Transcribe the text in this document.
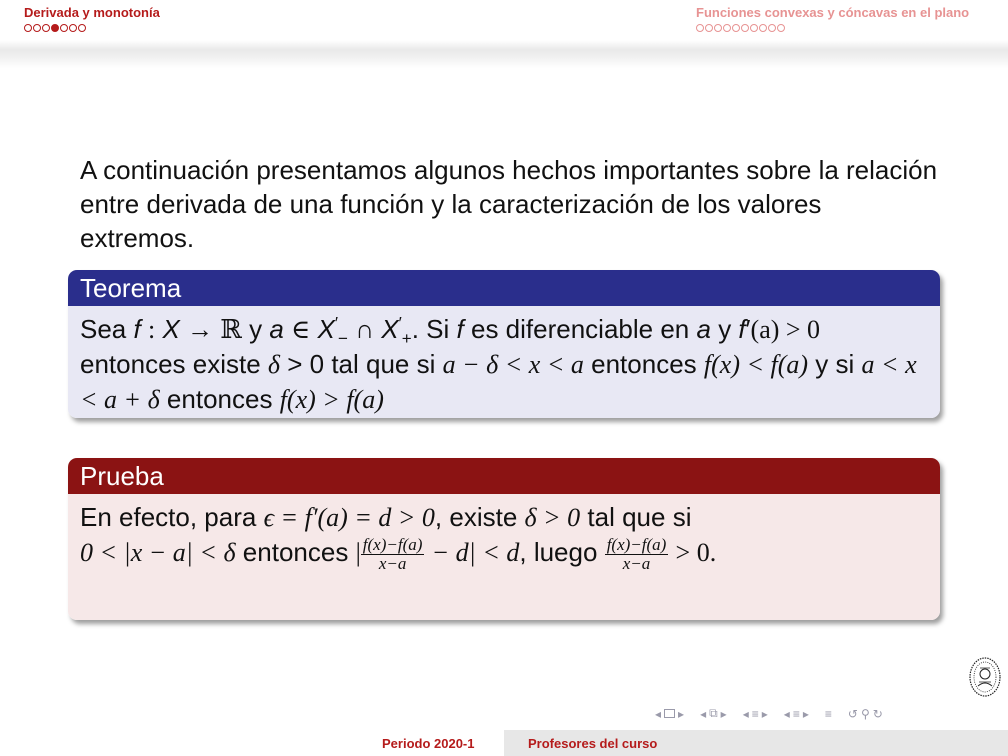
Derivada y monotonía	Funciones convexas y cóncavas en el plano
A continuación presentamos algunos hechos importantes sobre la relación entre derivada de una función y la caracterización de los valores extremos.
Teorema
Sea f : X → ℝ y a ∈ $X'_-$ ∩ $X'_+$. Si f es diferenciable en a y f′(a) > 0 entonces existe δ > 0 tal que si a − δ < x < a entonces f(x) < f(a) y si a < x < a + δ entonces f(x) > f(a)
Prueba
En efecto, para ϵ = f′(a) = d > 0, existe δ > 0 tal que si
0 < |x − a| < δ entonces | $\frac{f(x)-f(a)}{x-a} - d| < d$, luego $\frac{f(x)-f(a)}{x-a} > 0$.
◂ ▸ ◂ ⧉ ▸ ◂ ≡ ▸ ◂ ≡ ▸ ≡ ↺ ⚲ ↻
Periodo 2020-1	Profesores del curso
